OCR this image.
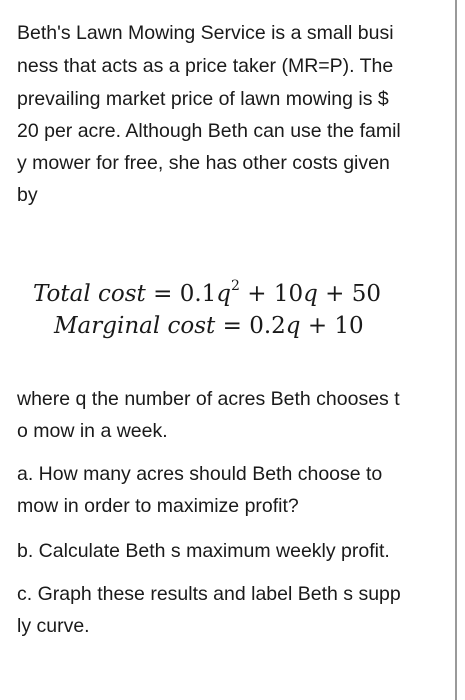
Beth's Lawn Mowing Service is a small busi
ness that acts as a price taker (MR=P). The
prevailing market price of lawn mowing is $
20 per acre. Although Beth can use the famil
y mower for free, she has other costs given
by
Total $\cos t = 0.1q^2 + 10q + 50$
Marginal cost = 0.2q + 10
where q the number of acres Beth chooses t
o mow in a week.
a. How many acres should Beth choose to
mow in order to maximize profit?
b. Calculate Beth s maximum weekly profit.
c. Graph these results and label Beth s supp
ly curve.
